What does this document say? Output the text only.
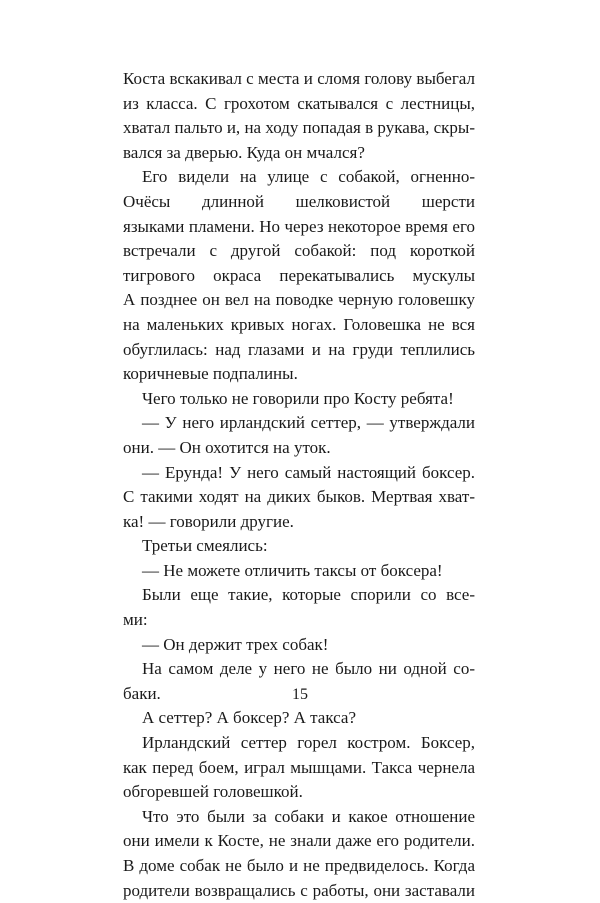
Коста вскакивал с места и сломя голову выбегал
из класса. С грохотом скатывался с лестницы,
хватал пальто и, на ходу попадая в рукава, скры-
вался за дверью. Куда он мчался?
Его видели на улице с собакой, огненно-
Очёсы длинной шелковистой шерсти
языками пламени. Но через некоторое время его
встречали с другой собакой: под короткой
тигрового окраса перекатывались мускулы
А позднее он вел на поводке черную головешку
на маленьких кривых ногах. Головешка не вся
обуглилась: над глазами и на груди теплились
коричневые подпалины.
Чего только не говорили про Косту ребята!
— У него ирландский сеттер, — утверждали
они. — Он охотится на уток.
— Ерунда! У него самый настоящий боксер.
С такими ходят на диких быков. Мертвая хват-
ка! — говорили другие.
Третьи смеялись:
— Не можете отличить таксы от боксера!
Были еще такие, которые спорили со все-
ми:
— Он держит трех собак!
На самом деле у него не было ни одной со-
баки.
А сеттер? А боксер? А такса?
Ирландский сеттер горел костром. Боксер,
как перед боем, играл мышцами. Такса чернела
обгоревшей головешкой.
Что это были за собаки и какое отношение
они имели к Косте, не знали даже его родители.
В доме собак не было и не предвиделось. Когда
родители возвращались с работы, они заставали
15
